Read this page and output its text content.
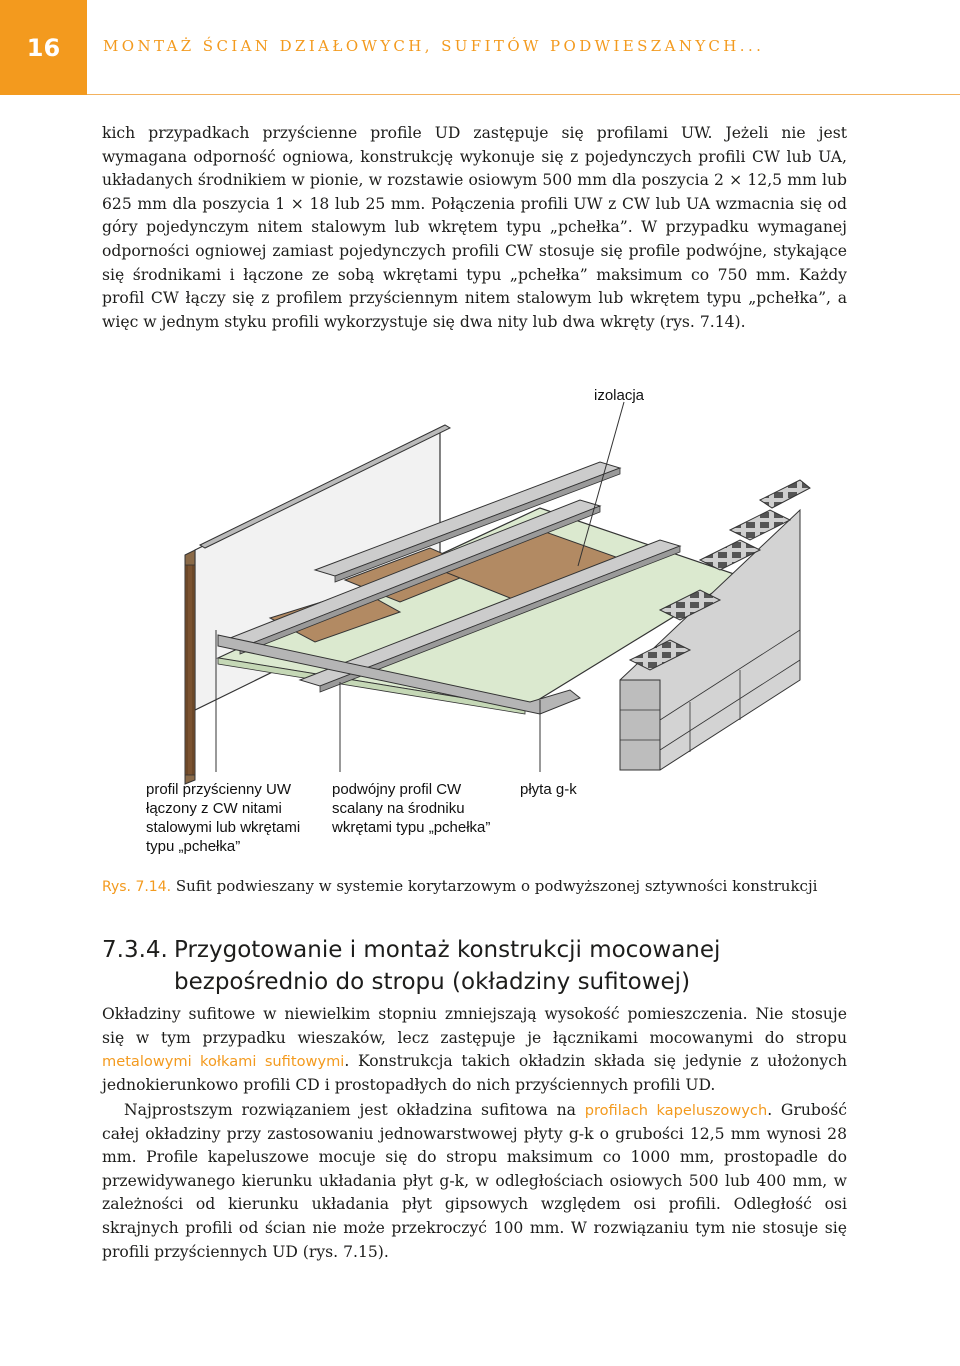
16	MONTAŻ ŚCIAN DZIAŁOWYCH, SUFITÓW PODWIESZANYCH...

kich przypadkach przyścienne profile UD zastępuje się profilami UW. Jeżeli nie jest wymagana odporność ogniowa, konstrukcję wykonuje się z pojedynczych profili CW lub UA, układanych środnikiem w pionie, w rozstawie osiowym 500 mm dla poszycia 2 × 12,5 mm lub 625 mm dla poszycia 1 × 18 lub 25 mm. Połączenia profili UW z CW lub UA wzmacnia się od góry pojedynczym nitem stalowym lub wkrętem typu „pchełka”. W przypadku wymaganej odporności ogniowej zamiast pojedynczych profili CW stosuje się profile podwójne, stykające się środnikami i łączone ze sobą wkrętami typu „pchełka” maksimum co 750 mm. Każdy profil CW łączy się z profilem przyściennym nitem stalowym lub wkrętem typu „pchełka”, a więc w jednym styku profili wykorzystuje się dwa nity lub dwa wkręty (rys. 7.14).

izolacja
profil przyścienny UW
łączony z CW nitami
stalowymi lub wkrętami
typu „pchełka”
podwójny profil CW
scalany na środniku
wkrętami typu „pchełka”
płyta g-k
Rys. 7.14. Sufit podwieszany w systemie korytarzowym o podwyższonej sztywności konstrukcji
7.3.4. Przygotowanie i montaż konstrukcji mocowanej
bezpośrednio do stropu (okładziny sufitowej)

Okładziny sufitowe w niewielkim stopniu zmniejszają wysokość pomieszczenia. Nie stosuje się w tym przypadku wieszaków, lecz zastępuje je łącznikami mocowanymi do stropu metalowymi kołkami sufitowymi. Konstrukcja takich okładzin składa się jedynie z ułożonych jednokierunkowo profili CD i prostopadłych do nich przyściennych profili UD.

Najprostszym rozwiązaniem jest okładzina sufitowa na profilach kapeluszowych. Grubość całej okładziny przy zastosowaniu jednowarstwowej płyty g-k o grubości 12,5 mm wynosi 28 mm. Profile kapeluszowe mocuje się do stropu maksimum co 1000 mm, prostopadle do przewidywanego kierunku układania płyt g-k, w odległościach osiowych 500 lub 400 mm, w zależności od kierunku układania płyt gipsowych względem osi profili. Odległość osi skrajnych profili od ścian nie może przekroczyć 100 mm. W rozwiązaniu tym nie stosuje się profili przyściennych UD (rys. 7.15).
